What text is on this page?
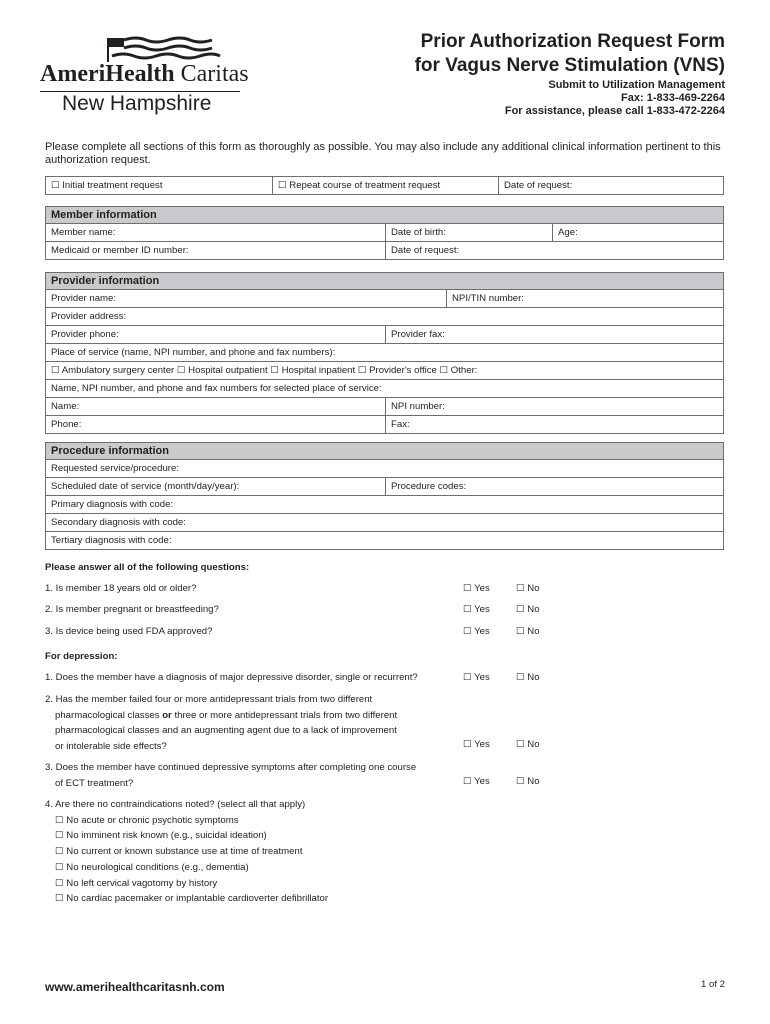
AmeriHealth Caritas
New Hampshire
Prior Authorization Request Form
for Vagus Nerve Stimulation (VNS)
Submit to Utilization Management
Fax: 1-833-469-2264
For assistance, please call 1-833-472-2264
Please complete all sections of this form as thoroughly as possible. You may also include any additional clinical information pertinent to this authorization request.
☐ Initial treatment request	☐ Repeat course of treatment request	Date of request:
Member information		
Member name:	Date of birth:	Age:
Medicaid or member ID number:	Date of request:	
Provider information		
Provider name:		NPI/TIN number:
Provider address:		
Provider phone:	Provider fax:	
Place of service (name, NPI number, and phone and fax numbers):		
☐ Ambulatory surgery center ☐ Hospital outpatient ☐ Hospital inpatient ☐ Provider's office ☐ Other:		
Name, NPI number, and phone and fax numbers for selected place of service:		
Name:	NPI number:	
Phone:	Fax:	
Procedure information
Requested service/procedure:
Scheduled date of service (month/day/year):	Procedure codes:
Primary diagnosis with code:
Secondary diagnosis with code:
Tertiary diagnosis with code:
Please answer all of the following questions:
1. Is member 18 years old or older?	☐ Yes	☐ No
2. Is member pregnant or breastfeeding?	☐ Yes	☐ No
3. Is device being used FDA approved?	☐ Yes	☐ No
For depression:
1. Does the member have a diagnosis of major depressive disorder, single or recurrent?	☐ Yes	☐ No
2. Has the member failed four or more antidepressant trials from two different
pharmacological classes or three or more antidepressant trials from two different
pharmacological classes and an augmenting agent due to a lack of improvement
or intolerable side effects?	☐ Yes	☐ No
3. Does the member have continued depressive symptoms after completing one course
of ECT treatment?	☐ Yes	☐ No
4. Are there no contraindications noted? (select all that apply)
☐ No acute or chronic psychotic symptoms
☐ No imminent risk known (e.g., suicidal ideation)
☐ No current or known substance use at time of treatment
☐ No neurological conditions (e.g., dementia)
☐ No left cervical vagotomy by history
☐ No cardiac pacemaker or implantable cardioverter defibrillator
www.amerihealthcaritasnh.com	1 of 2
